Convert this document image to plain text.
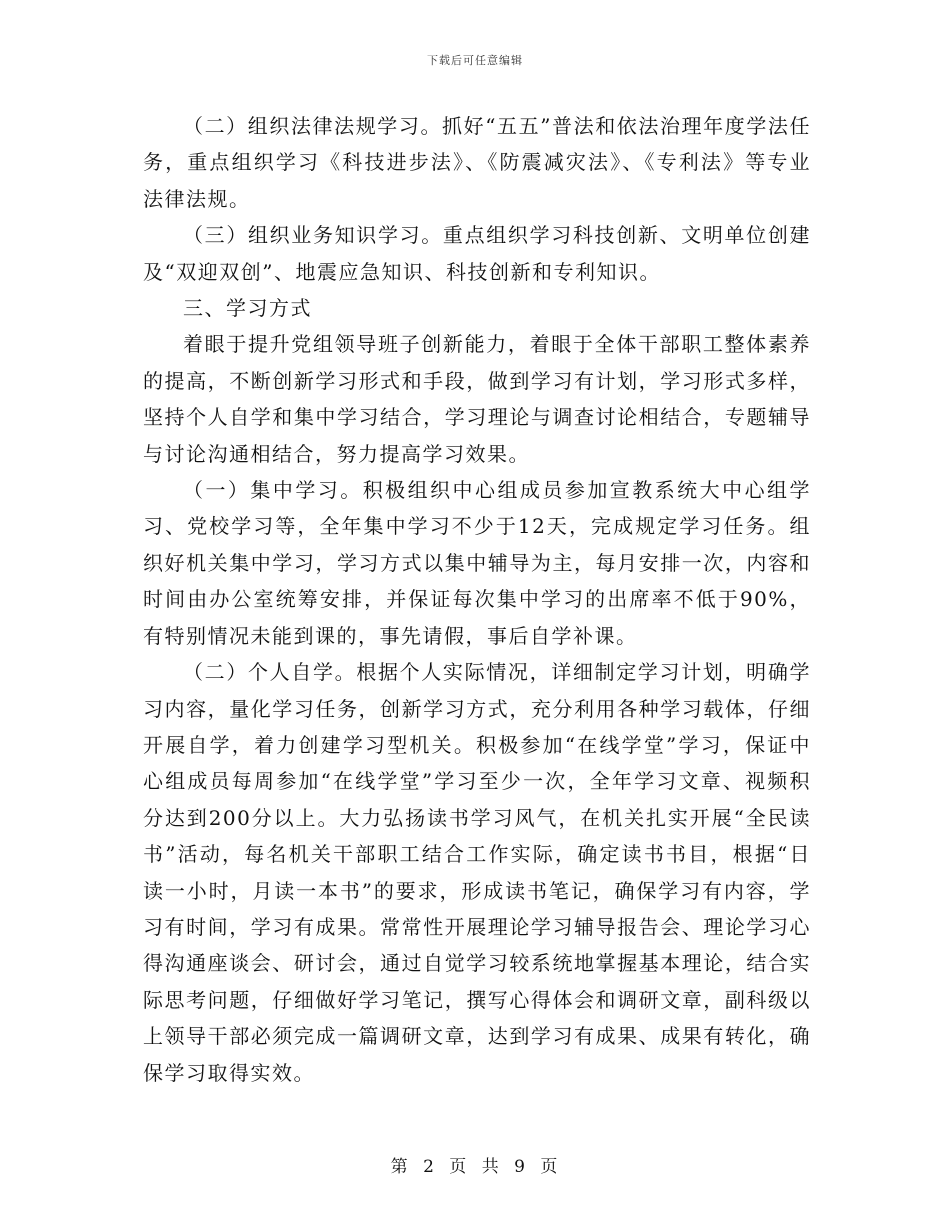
下载后可任意编辑

（二）组织法律法规学习。抓好“五五”普法和依法治理年度学法任务，重点组织学习《科技进步法》、《防震减灾法》、《专利法》等专业法律法规。

（三）组织业务知识学习。重点组织学习科技创新、文明单位创建及“双迎双创”、地震应急知识、科技创新和专利知识。

三、学习方式

着眼于提升党组领导班子创新能力，着眼于全体干部职工整体素养的提高，不断创新学习形式和手段，做到学习有计划，学习形式多样，坚持个人自学和集中学习结合，学习理论与调查讨论相结合，专题辅导与讨论沟通相结合，努力提高学习效果。

（一）集中学习。积极组织中心组成员参加宣教系统大中心组学习、党校学习等，全年集中学习不少于12天，完成规定学习任务。组织好机关集中学习，学习方式以集中辅导为主，每月安排一次，内容和时间由办公室统筹安排，并保证每次集中学习的出席率不低于90%，有特别情况未能到课的，事先请假，事后自学补课。

（二）个人自学。根据个人实际情况，详细制定学习计划，明确学习内容，量化学习任务，创新学习方式，充分利用各种学习载体，仔细开展自学，着力创建学习型机关。积极参加“在线学堂”学习，保证中心组成员每周参加“在线学堂”学习至少一次，全年学习文章、视频积分达到200分以上。大力弘扬读书学习风气，在机关扎实开展“全民读书”活动，每名机关干部职工结合工作实际，确定读书书目，根据“日读一小时，月读一本书”的要求，形成读书笔记，确保学习有内容，学习有时间，学习有成果。常常性开展理论学习辅导报告会、理论学习心得沟通座谈会、研讨会，通过自觉学习较系统地掌握基本理论，结合实际思考问题，仔细做好学习笔记，撰写心得体会和调研文章，副科级以上领导干部必须完成一篇调研文章，达到学习有成果、成果有转化，确保学习取得实效。

第 2 页 共 9 页
